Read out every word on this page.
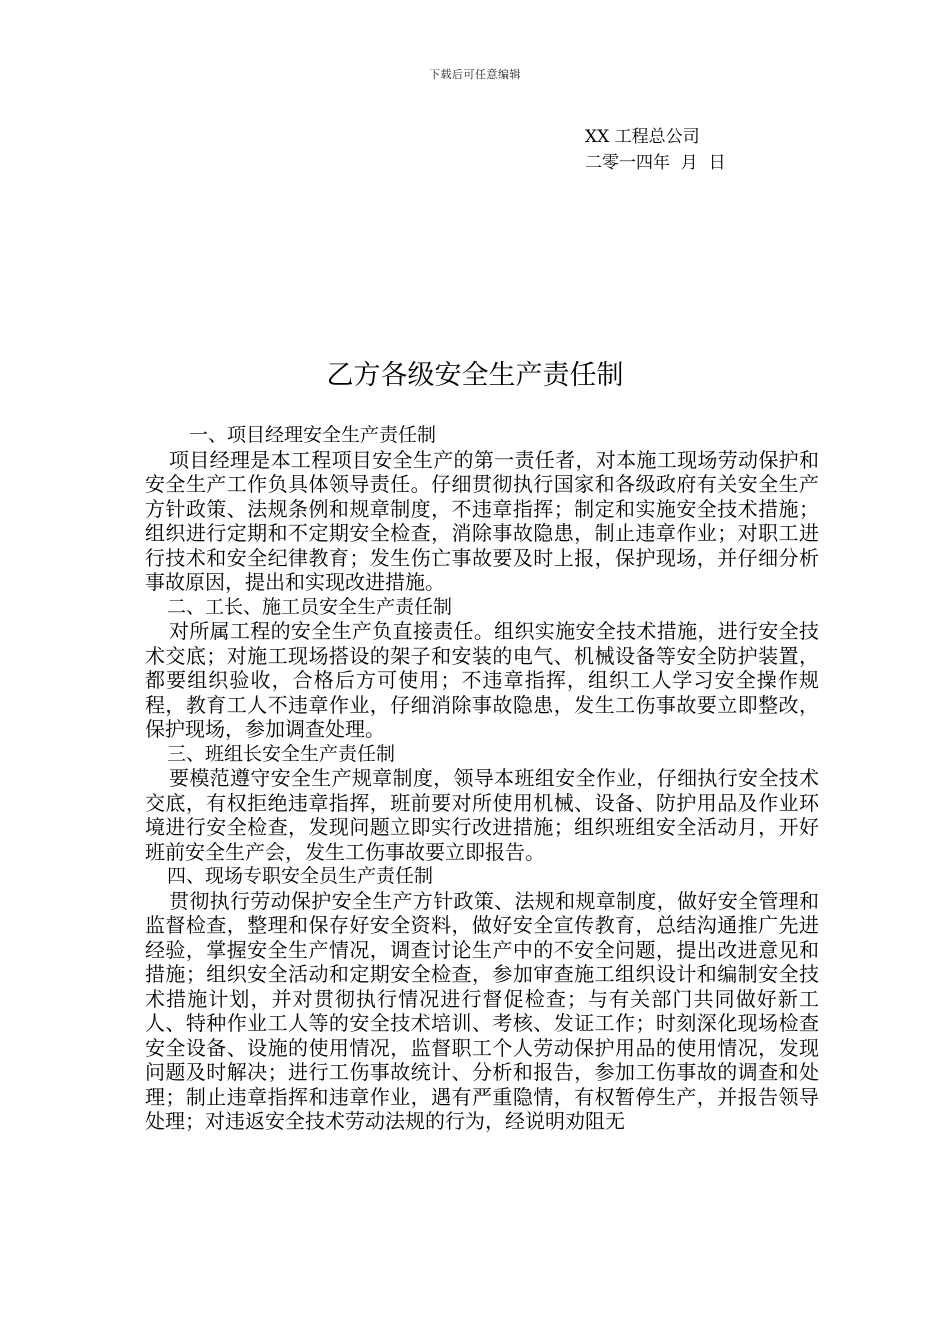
下载后可任意编辑
XX 工程总公司
二零一四年  月  日
乙方各级安全生产责任制
一、项目经理安全生产责任制

项目经理是本工程项目安全生产的第一责任者，对本施工现场劳动保护和安全生产工作负具体领导责任。仔细贯彻执行国家和各级政府有关安全生产方针政策、法规条例和规章制度，不违章指挥；制定和实施安全技术措施；组织进行定期和不定期安全检查，消除事故隐患，制止违章作业；对职工进行技术和安全纪律教育；发生伤亡事故要及时上报，保护现场，并仔细分析事故原因，提出和实现改进措施。

二、工长、施工员安全生产责任制

对所属工程的安全生产负直接责任。组织实施安全技术措施，进行安全技术交底；对施工现场搭设的架子和安装的电气、机械设备等安全防护装置，都要组织验收，合格后方可使用；不违章指挥，组织工人学习安全操作规程，教育工人不违章作业，仔细消除事故隐患，发生工伤事故要立即整改，保护现场，参加调查处理。

三、班组长安全生产责任制

要模范遵守安全生产规章制度，领导本班组安全作业，仔细执行安全技术交底，有权拒绝违章指挥，班前要对所使用机械、设备、防护用品及作业环境进行安全检查，发现问题立即实行改进措施；组织班组安全活动月，开好班前安全生产会，发生工伤事故要立即报告。

四、现场专职安全员生产责任制

贯彻执行劳动保护安全生产方针政策、法规和规章制度，做好安全管理和监督检查，整理和保存好安全资料，做好安全宣传教育，总结沟通推广先进经验，掌握安全生产情况，调查讨论生产中的不安全问题，提出改进意见和措施；组织安全活动和定期安全检查，参加审查施工组织设计和编制安全技术措施计划，并对贯彻执行情况进行督促检查；与有关部门共同做好新工人、特种作业工人等的安全技术培训、考核、发证工作；时刻深化现场检查安全设备、设施的使用情况，监督职工个人劳动保护用品的使用情况，发现问题及时解决；进行工伤事故统计、分析和报告，参加工伤事故的调查和处理；制止违章指挥和违章作业，遇有严重隐情，有权暂停生产，并报告领导处理；对违返安全技术劳动法规的行为，经说明劝阻无
